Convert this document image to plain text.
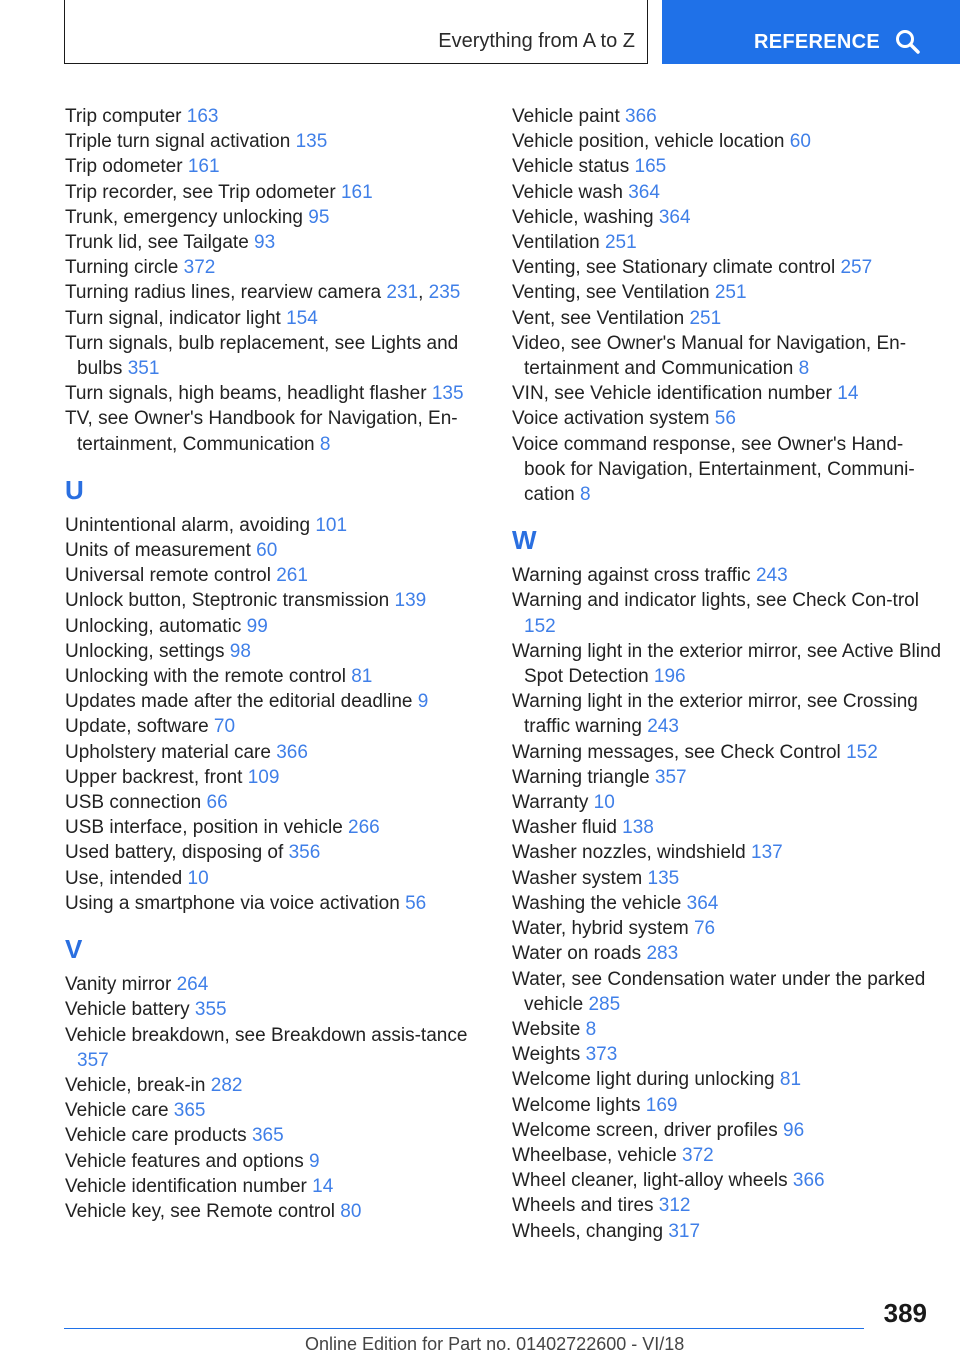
Everything from A to Z	REFERENCE
Trip computer 163
Triple turn signal activation 135
Trip odometer 161
Trip recorder, see Trip odometer 161
Trunk, emergency unlocking 95
Trunk lid, see Tailgate 93
Turning circle 372
Turning radius lines, rearview camera 231, 235
Turn signal, indicator light 154
Turn signals, bulb replacement, see Lights and bulbs 351
Turn signals, high beams, headlight flasher 135
TV, see Owner's Handbook for Navigation, En‐tertainment, Communication 8
U
Unintentional alarm, avoiding 101
Units of measurement 60
Universal remote control 261
Unlock button, Steptronic transmission 139
Unlocking, automatic 99
Unlocking, settings 98
Unlocking with the remote control 81
Updates made after the editorial deadline 9
Update, software 70
Upholstery material care 366
Upper backrest, front 109
USB connection 66
USB interface, position in vehicle 266
Used battery, disposing of 356
Use, intended 10
Using a smartphone via voice activation 56
V
Vanity mirror 264
Vehicle battery 355
Vehicle breakdown, see Breakdown assis‐tance 357
Vehicle, break-in 282
Vehicle care 365
Vehicle care products 365
Vehicle features and options 9
Vehicle identification number 14
Vehicle key, see Remote control 80
Vehicle paint 366
Vehicle position, vehicle location 60
Vehicle status 165
Vehicle wash 364
Vehicle, washing 364
Ventilation 251
Venting, see Stationary climate control 257
Venting, see Ventilation 251
Vent, see Ventilation 251
Video, see Owner's Manual for Navigation, En‐tertainment and Communication 8
VIN, see Vehicle identification number 14
Voice activation system 56
Voice command response, see Owner's Hand‐book for Navigation, Entertainment, Communi‐cation 8
W
Warning against cross traffic 243
Warning and indicator lights, see Check Con‐trol 152
Warning light in the exterior mirror, see Active Blind Spot Detection 196
Warning light in the exterior mirror, see Crossing traffic warning 243
Warning messages, see Check Control 152
Warning triangle 357
Warranty 10
Washer fluid 138
Washer nozzles, windshield 137
Washer system 135
Washing the vehicle 364
Water, hybrid system 76
Water on roads 283
Water, see Condensation water under the parked vehicle 285
Website 8
Weights 373
Welcome light during unlocking 81
Welcome lights 169
Welcome screen, driver profiles 96
Wheelbase, vehicle 372
Wheel cleaner, light-alloy wheels 366
Wheels and tires 312
Wheels, changing 317
389
Online Edition for Part no. 01402722600 - VI/18
